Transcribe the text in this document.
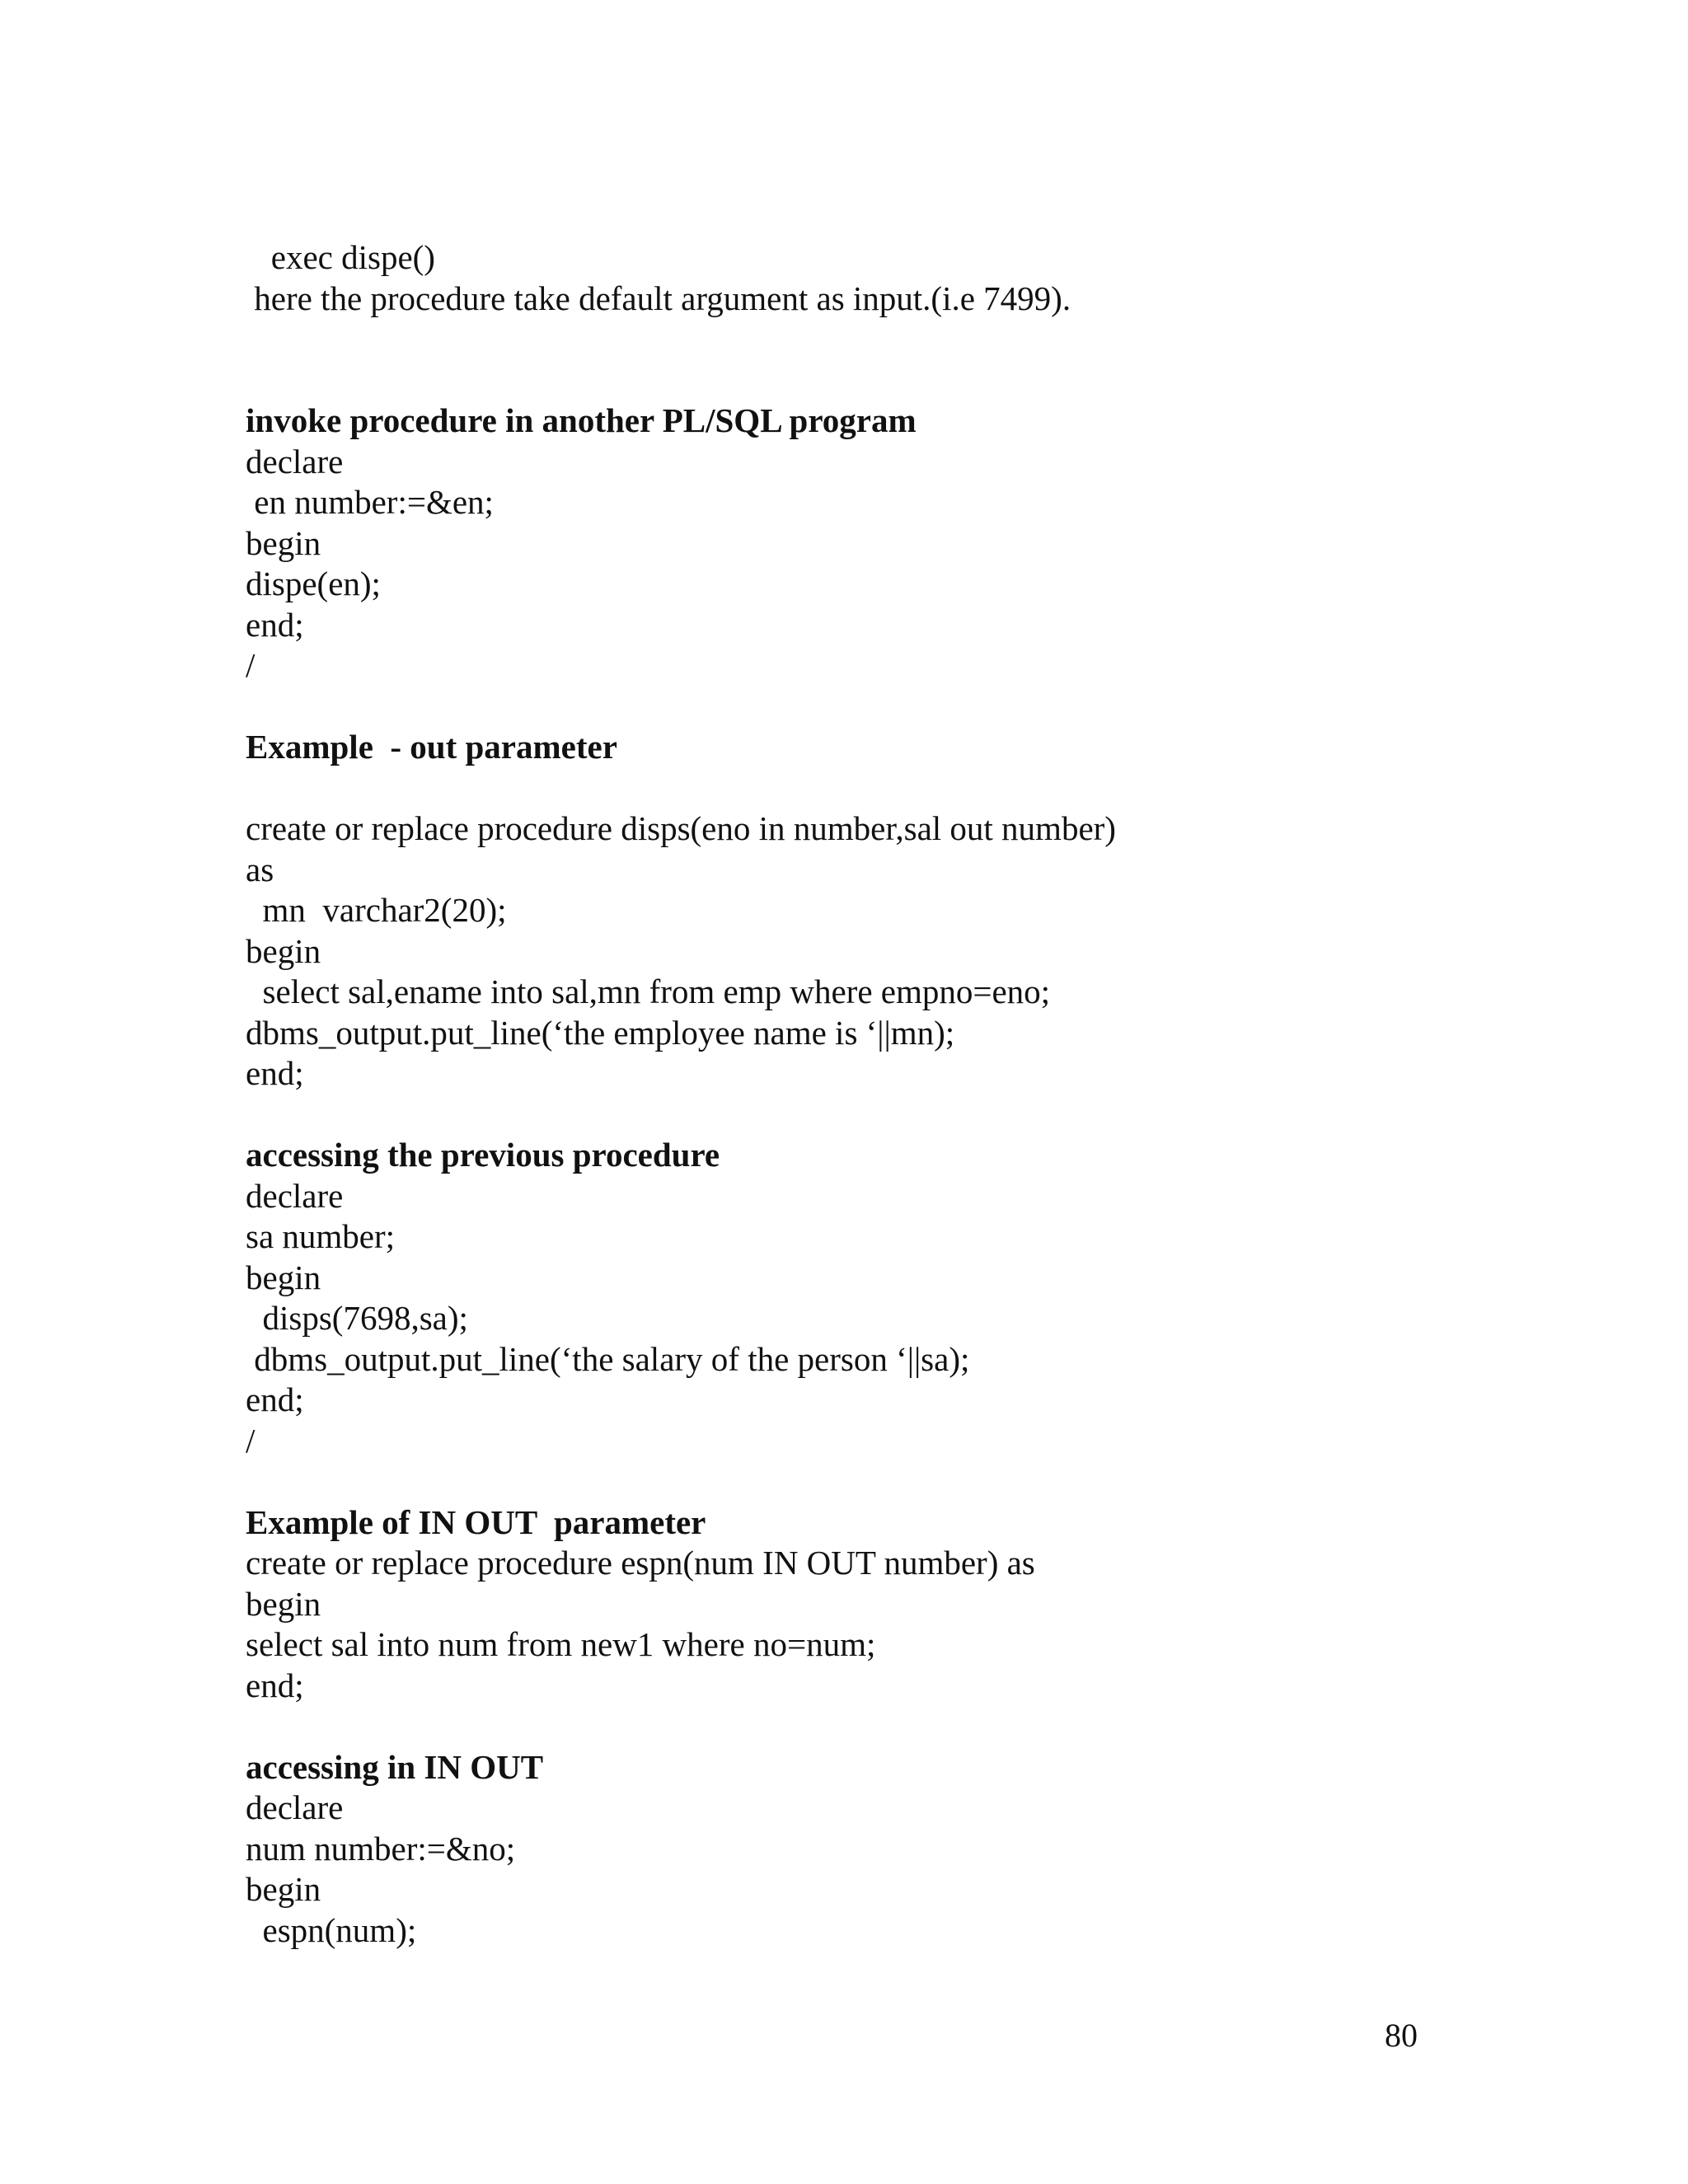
exec dispe()
here the procedure take default argument as input.(i.e 7499).
invoke procedure in another PL/SQL program
declare
en number:=&en;
begin
dispe(en);
end;
/
Example  - out parameter
create or replace procedure disps(eno in number,sal out number)
as
mn  varchar2(20);
begin
select sal,ename into sal,mn from emp where empno=eno;
dbms_output.put_line(‘the employee name is ‘||mn);
end;
accessing the previous procedure
declare
sa number;
begin
disps(7698,sa);
dbms_output.put_line(‘the salary of the person ‘||sa);
end;
/
Example of IN OUT  parameter
create or replace procedure espn(num IN OUT number) as
begin
select sal into num from new1 where no=num;
end;
accessing in IN OUT
declare
num number:=&no;
begin
espn(num);
80
